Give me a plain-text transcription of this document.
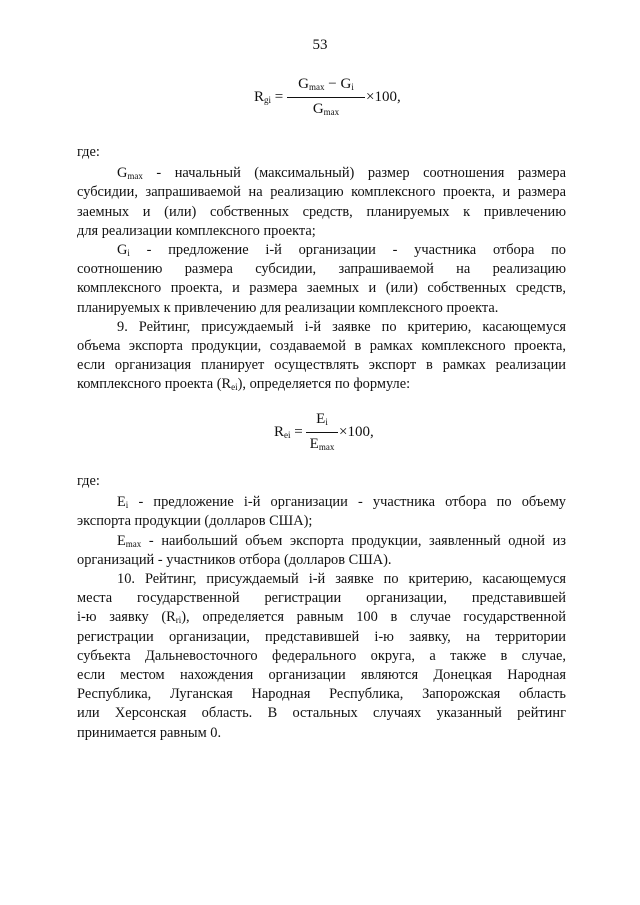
53
$R_{gi}$ =
$G_{max} - G_i$
$G_{max}$
×100,

где:

$G_{max}$ - начальный (максимальный) размер соотношения размера

субсидии, запрашиваемой на реализацию комплексного проекта, и размера

заемных и (или) собственных средств, планируемых к привлечению

для реализации комплексного проекта;

$G_i$ - предложение i-й организации - участника отбора по

соотношению размера субсидии, запрашиваемой на реализацию

комплексного проекта, и размера заемных и (или) собственных средств,

планируемых к привлечению для реализации комплексного проекта.

9. Рейтинг, присуждаемый i-й заявке по критерию, касающемуся

объема экспорта продукции, создаваемой в рамках комплексного проекта,

если организация планирует осуществлять экспорт в рамках реализации

комплексного проекта $(R_{ei})$, определяется по формуле:

$R_{ei}$ =
$E_i$
$E_{max}$
×100,

где:

$E_i$ - предложение i-й организации - участника отбора по объему

экспорта продукции (долларов США);

$E_{max}$ - наибольший объем экспорта продукции, заявленный одной из

организаций - участников отбора (долларов США).

10. Рейтинг, присуждаемый i-й заявке по критерию, касающемуся

места государственной регистрации организации, представившей

i-ю заявку $(R_{ri})$, определяется равным 100 в случае государственной

регистрации организации, представившей i-ю заявку, на территории

субъекта Дальневосточного федерального округа, а также в случае,

если местом нахождения организации являются Донецкая Народная

Республика, Луганская Народная Республика, Запорожская область

или Херсонская область. В остальных случаях указанный рейтинг

принимается равным 0.
